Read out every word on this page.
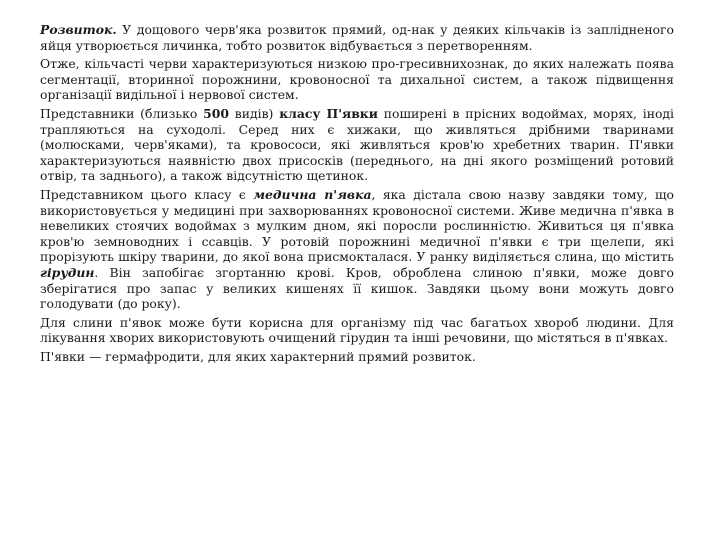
Розвиток. У дощового черв'яка розвиток прямий, од-нак у деяких кільчаків із заплідненого яйця утворюється личинка, тобто розвиток відбувається з перетворенням.

Отже, кільчасті черви характеризуються низкою про-гресивнихознак, до яких належать поява сегментації, вторинної порожнини, кровоносної та дихальної систем, а також підвищення організації видільної і нервової систем.

Представники (близько 500 видів) класу П'явки поширені в прісних водоймах, морях, іноді трапляються на суходолі. Серед них є хижаки, що живляться дрібними тваринами (молюсками, черв'яками), та кровососи, які живляться кров'ю хребетних тварин. П'явки характеризуються наявністю двох присосків (переднього, на дні якого розміщений ротовий отвір, та заднього), а також відсутністю щетинок.

Представником цього класу є медична п'явка, яка дістала свою назву завдяки тому, що використовується у медицині при захворюваннях кровоносної системи. Живе медична п'явка в невеликих стоячих водоймах з мулким дном, які поросли рослинністю. Живиться ця п'явка кров'ю земноводних і ссавців. У ротовій порожнині медичної п'явки є три щелепи, які прорізують шкіру тварини, до якої вона присмокталася. У ранку виділяється слина, що містить гірудин. Він запобігає згортанню крові. Кров, оброблена слиною п'явки, може довго зберігатися про запас у великих кишенях її кишок. Завдяки цьому вони можуть довго голодувати (до року).

Для слини п'явок може бути корисна для організму під час багатьох хвороб людини. Для лікування хворих використовують очищений гірудин та інші речовини, що містяться в п'явках.

П'явки — гермафродити, для яких характерний прямий розвиток.
